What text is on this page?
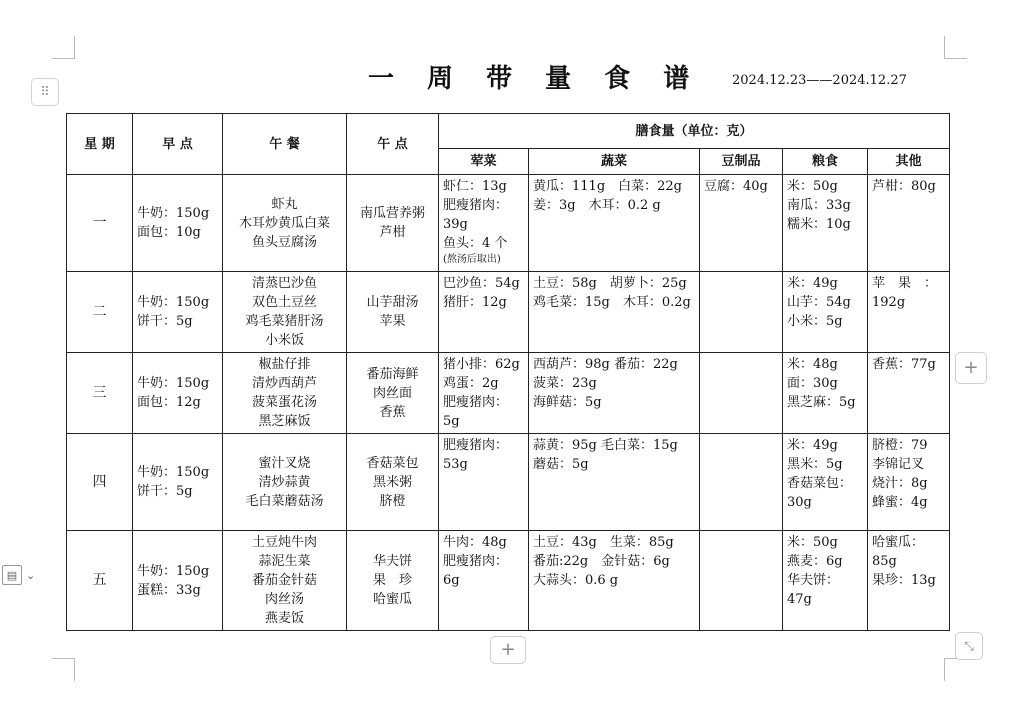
⠿
+
+	⤡
▤ ⌄
一 周 带 量 食 谱 2024.12.23——2024.12.27
星 期	早 点	午 餐	午 点	膳食量（单位：克）				
				荤菜	蔬菜	豆制品	粮食	其他
一	牛奶：150g
面包：10g	虾丸
木耳炒黄瓜白菜
鱼头豆腐汤	南瓜营养粥
芦柑	虾仁：13g
肥瘦猪肉：
39g
鱼头：4 个
(熬汤后取出)	黄瓜：111g　白菜：22g
姜：3g　木耳：0.2 g	豆腐：40g	米：50g
南瓜：33g
糯米：10g	芦柑：80g

二	牛奶：150g
饼干：5g	清蒸巴沙鱼
双色土豆丝
鸡毛菜猪肝汤
小米饭	山芋甜汤
苹果	巴沙鱼：54g
猪肝：12g	土豆：58g　胡萝卜：25g
鸡毛菜：15g　木耳：0.2g		米：49g
山芋：54g
小米：5g	苹　果　：
192g

三	牛奶：150g
面包：12g	椒盐仔排
清炒西葫芦
菠菜蛋花汤
黑芝麻饭	番茄海鲜
肉丝面
香蕉	猪小排：62g
鸡蛋：2g
肥瘦猪肉：
5g	西葫芦：98g 番茄：22g
菠菜：23g
海鲜菇：5g		米：48g
面：30g
黑芝麻：5g	香蕉：77g

四	牛奶：150g
饼干：5g	蜜汁叉烧
清炒蒜黄
毛白菜蘑菇汤	香菇菜包
黑米粥
脐橙	肥瘦猪肉：
53g	蒜黄：95g 毛白菜：15g
蘑菇：5g		米：49g
黑米：5g
香菇菜包：
30g	脐橙：79
李锦记叉
烧汁：8g
蜂蜜：4g

五	牛奶：150g
蛋糕：33g	土豆炖牛肉
蒜泥生菜
番茄金针菇
肉丝汤
燕麦饭	华夫饼
果　珍
哈蜜瓜	牛肉：48g
肥瘦猪肉：
6g	土豆：43g　生菜：85g
番茄:22g　金针菇：6g
大蒜头：0.6 g		米：50g
燕麦：6g
华夫饼：
47g	哈蜜瓜：
85g
果珍：13g
